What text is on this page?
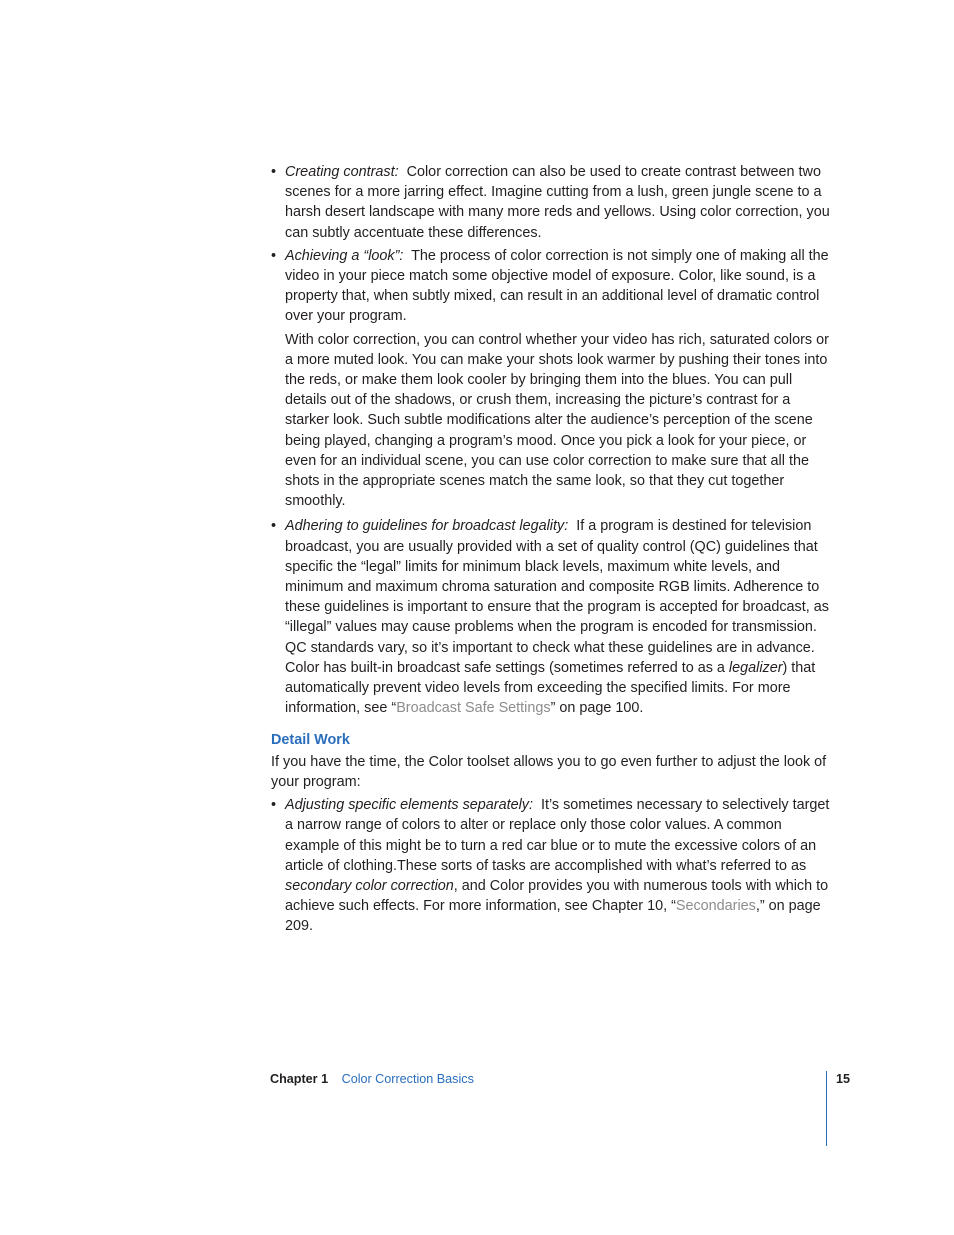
• Creating contrast: Color correction can also be used to create contrast between two scenes for a more jarring effect. Imagine cutting from a lush, green jungle scene to a harsh desert landscape with many more reds and yellows. Using color correction, you can subtly accentuate these differences.
• Achieving a “look”: The process of color correction is not simply one of making all the video in your piece match some objective model of exposure. Color, like sound, is a property that, when subtly mixed, can result in an additional level of dramatic control over your program.
With color correction, you can control whether your video has rich, saturated colors or a more muted look. You can make your shots look warmer by pushing their tones into the reds, or make them look cooler by bringing them into the blues. You can pull details out of the shadows, or crush them, increasing the picture’s contrast for a starker look. Such subtle modifications alter the audience’s perception of the scene being played, changing a program’s mood. Once you pick a look for your piece, or even for an individual scene, you can use color correction to make sure that all the shots in the appropriate scenes match the same look, so that they cut together smoothly.
• Adhering to guidelines for broadcast legality: If a program is destined for television broadcast, you are usually provided with a set of quality control (QC) guidelines that specific the “legal” limits for minimum black levels, maximum white levels, and minimum and maximum chroma saturation and composite RGB limits. Adherence to these guidelines is important to ensure that the program is accepted for broadcast, as “illegal” values may cause problems when the program is encoded for transmission. QC standards vary, so it’s important to check what these guidelines are in advance. Color has built-in broadcast safe settings (sometimes referred to as a legalizer) that automatically prevent video levels from exceeding the specified limits. For more information, see “Broadcast Safe Settings” on page 100.
Detail Work
If you have the time, the Color toolset allows you to go even further to adjust the look of your program:
• Adjusting specific elements separately: It’s sometimes necessary to selectively target a narrow range of colors to alter or replace only those color values. A common example of this might be to turn a red car blue or to mute the excessive colors of an article of clothing.These sorts of tasks are accomplished with what’s referred to as secondary color correction, and Color provides you with numerous tools with which to achieve such effects. For more information, see Chapter 10, “Secondaries,” on page 209.
Chapter 1 Color Correction Basics	15
